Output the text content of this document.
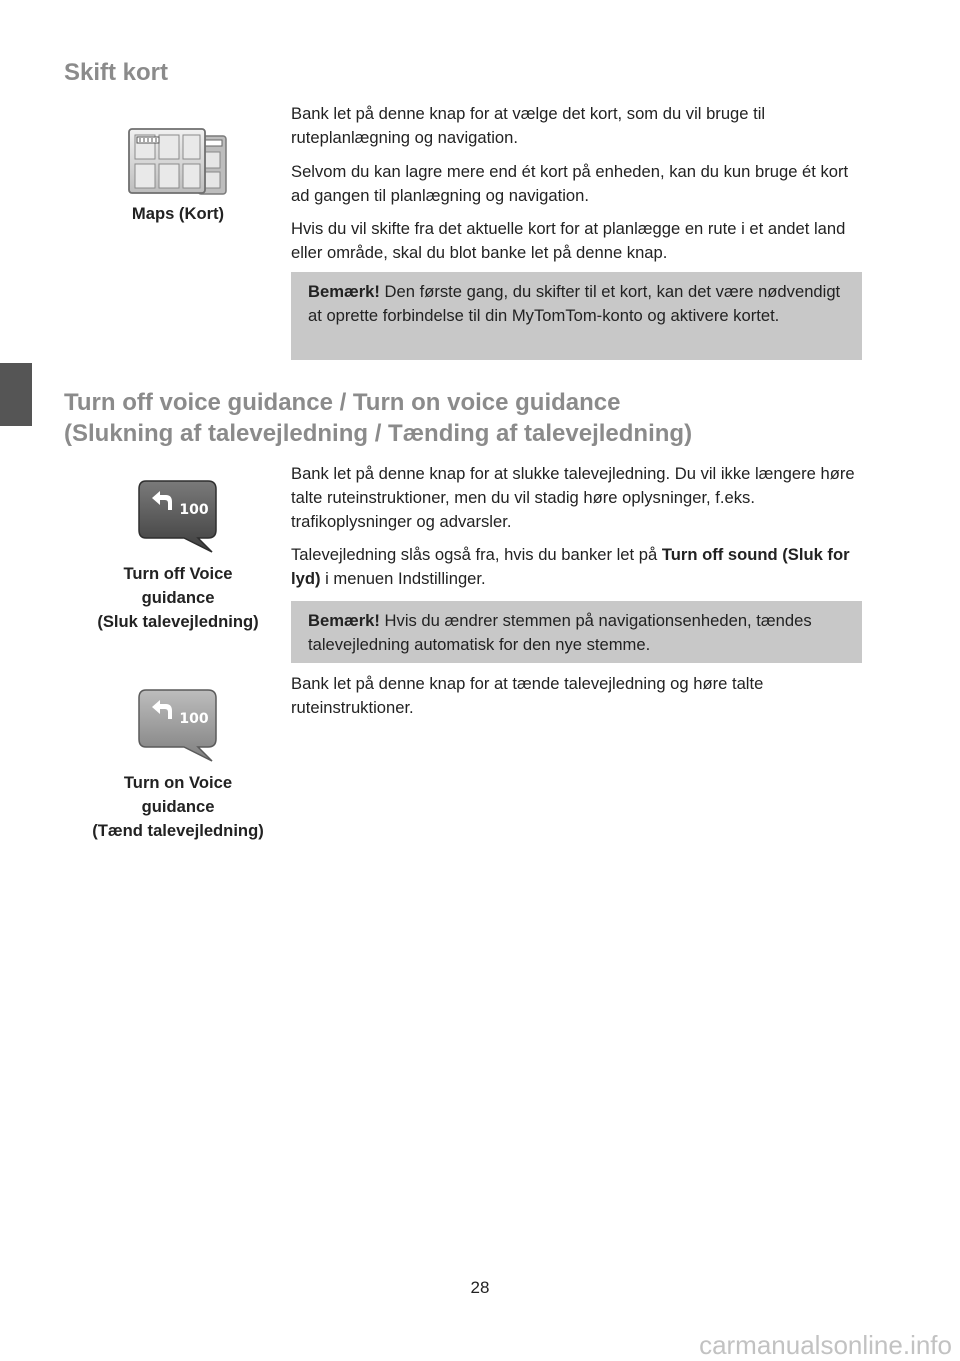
Skift kort
Maps (Kort)

Bank let på denne knap for at vælge det kort, som du vil bruge til ruteplanlægning og navigation.

Selvom du kan lagre mere end ét kort på enheden, kan du kun bruge ét kort ad gangen til planlægning og navigation.

Hvis du vil skifte fra det aktuelle kort for at planlægge en rute i et andet land eller område, skal du blot banke let på denne knap.

Bemærk! Den første gang, du skifter til et kort, kan det være nødvendigt at oprette forbindelse til din MyTomTom-konto og aktivere kortet.
Turn off voice guidance / Turn on voice guidance
(Slukning af talevejledning / Tænding af talevejledning)
100
Turn off Voice
guidance
(Sluk talevejledning)

Bank let på denne knap for at slukke talevejledning. Du vil ikke længere høre talte ruteinstruktioner, men du vil stadig høre oplysninger, f.eks. trafikoplysninger og advarsler.

Talevejledning slås også fra, hvis du banker let på Turn off sound (Sluk for lyd) i menuen Indstillinger.

Bemærk! Hvis du ændrer stemmen på navigationsenheden, tændes talevejledning automatisk for den nye stemme.
100
Turn on Voice
guidance
(Tænd talevejledning)

Bank let på denne knap for at tænde talevejledning og høre talte ruteinstruktioner.

28
carmanualsonline.info
